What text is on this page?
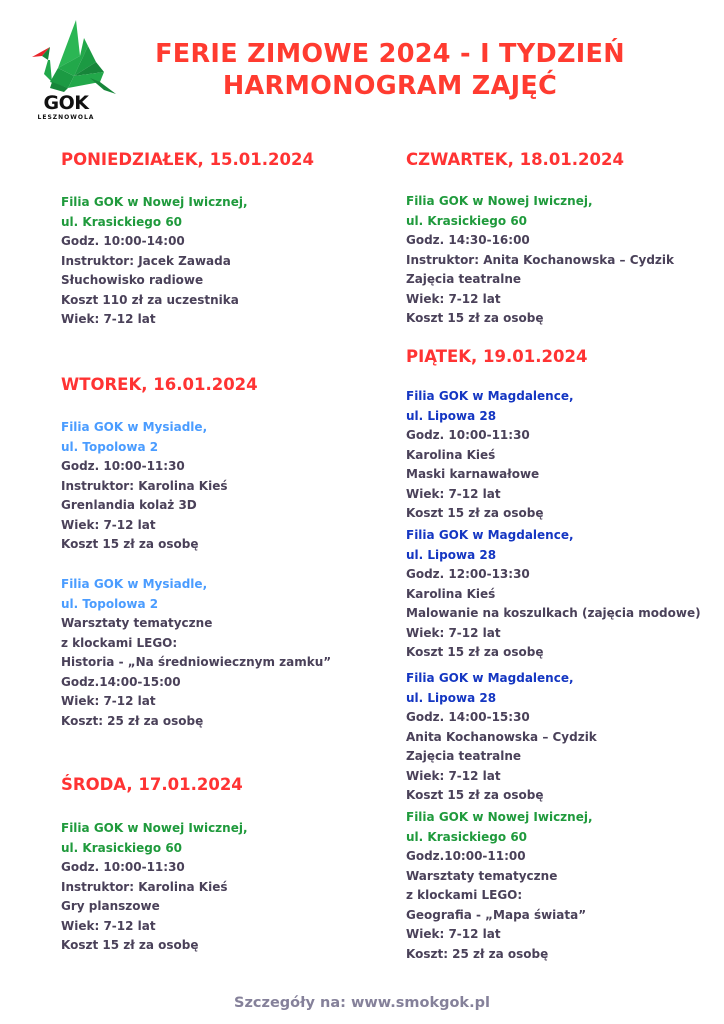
GOK
LESZNOWOLA
FERIE ZIMOWE 2024 - I TYDZIEŃ
HARMONOGRAM ZAJĘĆ
PONIEDZIAŁEK, 15.01.2024
Filia GOK w Nowej Iwicznej,
ul. Krasickiego 60
Godz. 10:00-14:00
Instruktor: Jacek Zawada
Słuchowisko radiowe
Koszt 110 zł za uczestnika
Wiek: 7-12 lat
WTOREK, 16.01.2024
Filia GOK w Mysiadle,
ul. Topolowa 2
Godz. 10:00-11:30
Instruktor: Karolina Kieś
Grenlandia kolaż 3D
Wiek: 7-12 lat
Koszt 15 zł za osobę
Filia GOK w Mysiadle,
ul. Topolowa 2
Warsztaty tematyczne
z klockami LEGO:
Historia - „Na średniowiecznym zamku”
Godz.14:00-15:00
Wiek: 7-12 lat
Koszt: 25 zł za osobę
ŚRODA, 17.01.2024
Filia GOK w Nowej Iwicznej,
ul. Krasickiego 60
Godz. 10:00-11:30
Instruktor: Karolina Kieś
Gry planszowe
Wiek: 7-12 lat
Koszt 15 zł za osobę
CZWARTEK, 18.01.2024
Filia GOK w Nowej Iwicznej,
ul. Krasickiego 60
Godz. 14:30-16:00
Instruktor: Anita Kochanowska – Cydzik
Zajęcia teatralne
Wiek: 7-12 lat
Koszt 15 zł za osobę
PIĄTEK, 19.01.2024
Filia GOK w Magdalence,
ul. Lipowa 28
Godz. 10:00-11:30
Karolina Kieś
Maski karnawałowe
Wiek: 7-12 lat
Koszt 15 zł za osobę
Filia GOK w Magdalence,
ul. Lipowa 28
Godz. 12:00-13:30
Karolina Kieś
Malowanie na koszulkach (zajęcia modowe)
Wiek: 7-12 lat
Koszt 15 zł za osobę
Filia GOK w Magdalence,
ul. Lipowa 28
Godz. 14:00-15:30
Anita Kochanowska – Cydzik
Zajęcia teatralne
Wiek: 7-12 lat
Koszt 15 zł za osobę
Filia GOK w Nowej Iwicznej,
ul. Krasickiego 60
Godz.10:00-11:00
Warsztaty tematyczne
z klockami LEGO:
Geografia - „Mapa świata”
Wiek: 7-12 lat
Koszt: 25 zł za osobę
Szczegóły na: www.smokgok.pl
